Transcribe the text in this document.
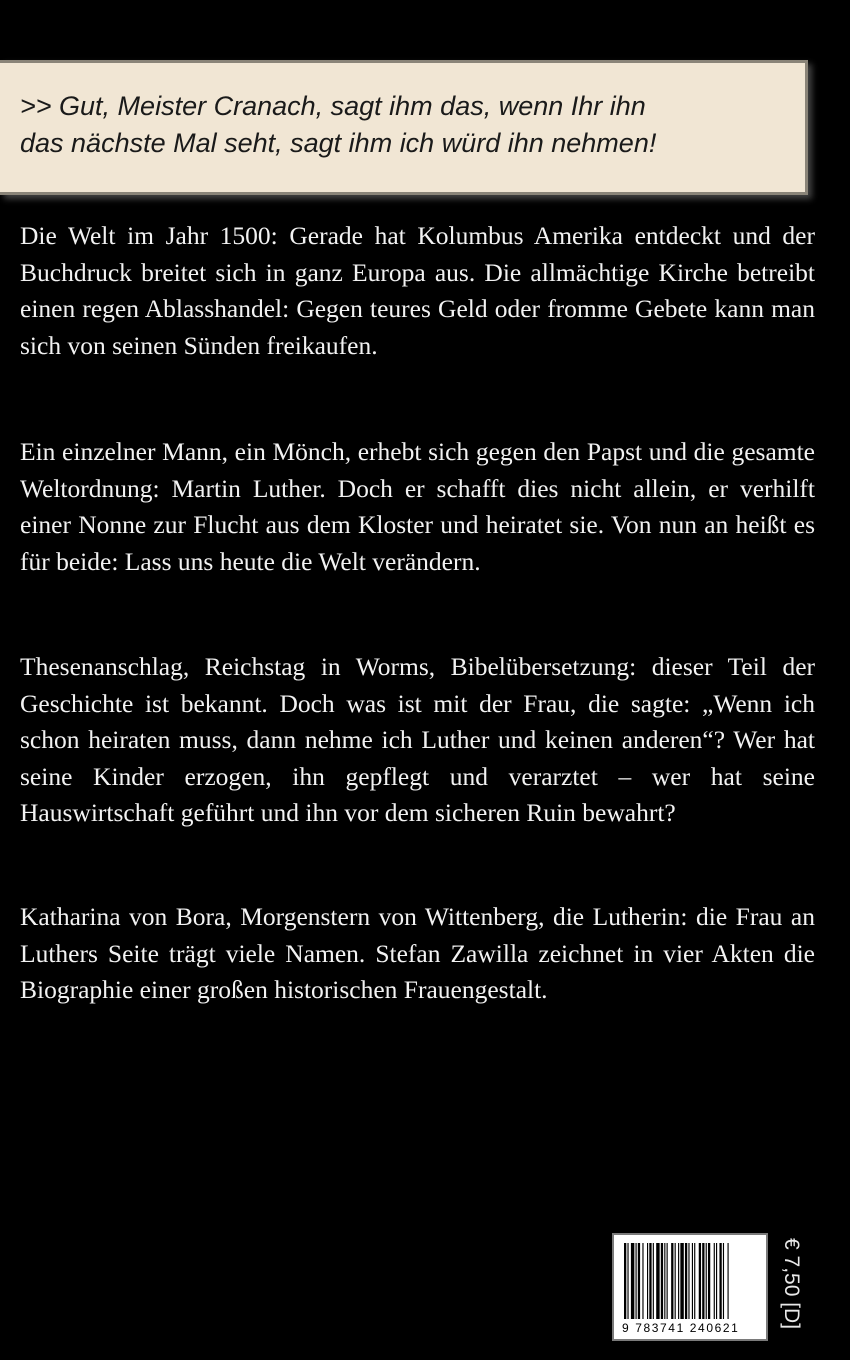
>> Gut, Meister Cranach, sagt ihm das, wenn Ihr ihn
das nächste Mal seht, sagt ihm ich würd ihn nehmen!

Die Welt im Jahr 1500: Gerade hat Kolumbus Amerika entdeckt und der Buchdruck breitet sich in ganz Europa aus. Die allmächtige Kirche betreibt einen regen Ablasshandel: Gegen teures Geld oder fromme Gebete kann man sich von seinen Sünden freikaufen.

Ein einzelner Mann, ein Mönch, erhebt sich gegen den Papst und die gesamte Weltordnung: Martin Luther. Doch er schafft dies nicht allein, er verhilft einer Nonne zur Flucht aus dem Kloster und heiratet sie. Von nun an heißt es für beide: Lass uns heute die Welt verändern.

Thesenanschlag, Reichstag in Worms, Bibelübersetzung: dieser Teil der Geschichte ist bekannt. Doch was ist mit der Frau, die sagte: „Wenn ich schon heiraten muss, dann nehme ich Luther und keinen anderen“? Wer hat seine Kinder erzogen, ihn gepflegt und verarztet – wer hat seine Hauswirtschaft geführt und ihn vor dem sicheren Ruin bewahrt?

Katharina von Bora, Morgenstern von Wittenberg, die Lutherin: die Frau an Luthers Seite trägt viele Namen. Stefan Zawilla zeichnet in vier Akten die Biographie einer großen historischen Frauengestalt.

9 783741 240621 € 7,50 [D]
